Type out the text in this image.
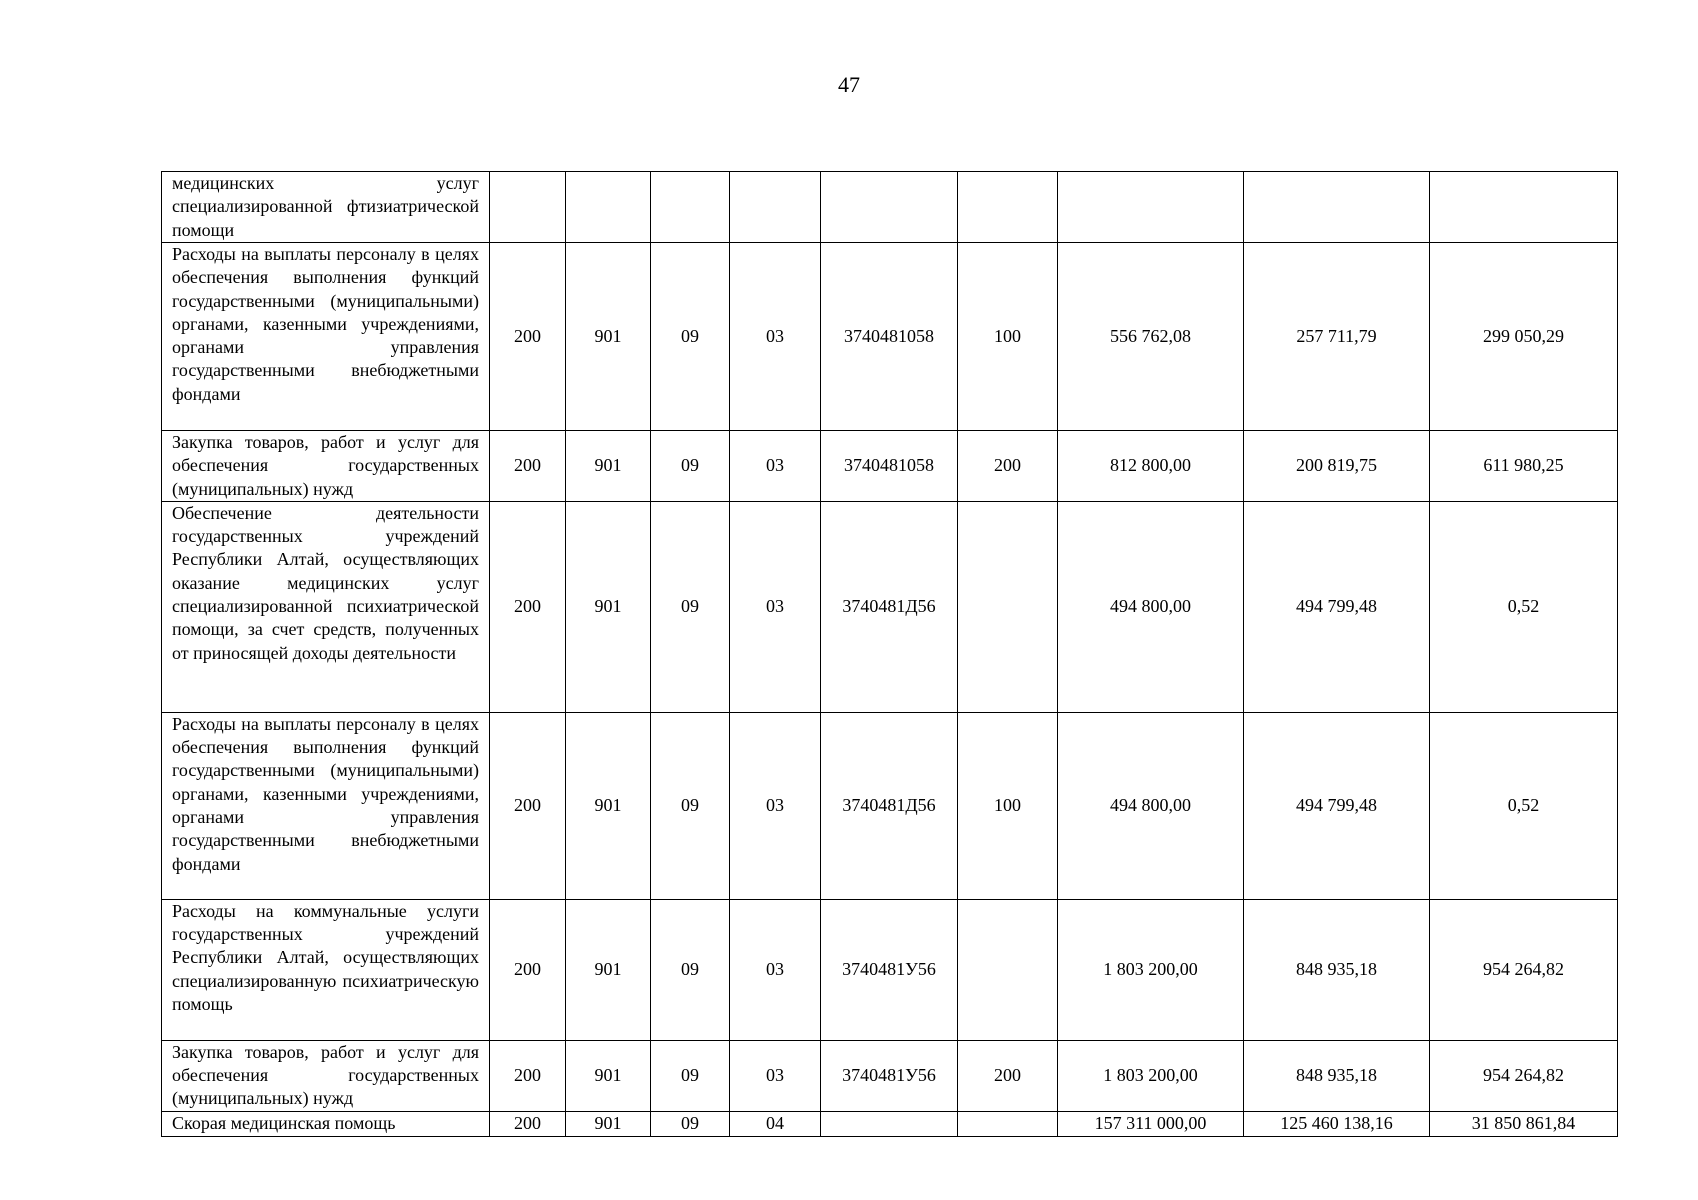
47
медицинских услуг специализированной фтизиатрической помощи									

Расходы на выплаты персоналу в целях обеспечения выполнения функций государственными (муниципальными) органами, казенными учреждениями, органами управления государственными внебюджетными фондами	200	901	09	03	3740481058	100	556 762,08	257 711,79	299 050,29

Закупка товаров, работ и услуг для обеспечения государственных (муниципальных) нужд	200	901	09	03	3740481058	200	812 800,00	200 819,75	611 980,25

Обеспечение деятельности государственных учреждений Республики Алтай, осуществляющих оказание медицинских услуг специализированной психиатрической помощи, за счет средств, полученных от приносящей доходы деятельности	200	901	09	03	3740481Д56		494 800,00	494 799,48	0,52

Расходы на выплаты персоналу в целях обеспечения выполнения функций государственными (муниципальными) органами, казенными учреждениями, органами управления государственными внебюджетными фондами	200	901	09	03	3740481Д56	100	494 800,00	494 799,48	0,52

Расходы на коммунальные услуги государственных учреждений Республики Алтай, осуществляющих специализированную психиатрическую помощь	200	901	09	03	3740481У56		1 803 200,00	848 935,18	954 264,82

Закупка товаров, работ и услуг для обеспечения государственных (муниципальных) нужд	200	901	09	03	3740481У56	200	1 803 200,00	848 935,18	954 264,82

Скорая медицинская помощь	200	901	09	04			157 311 000,00	125 460 138,16	31 850 861,84
